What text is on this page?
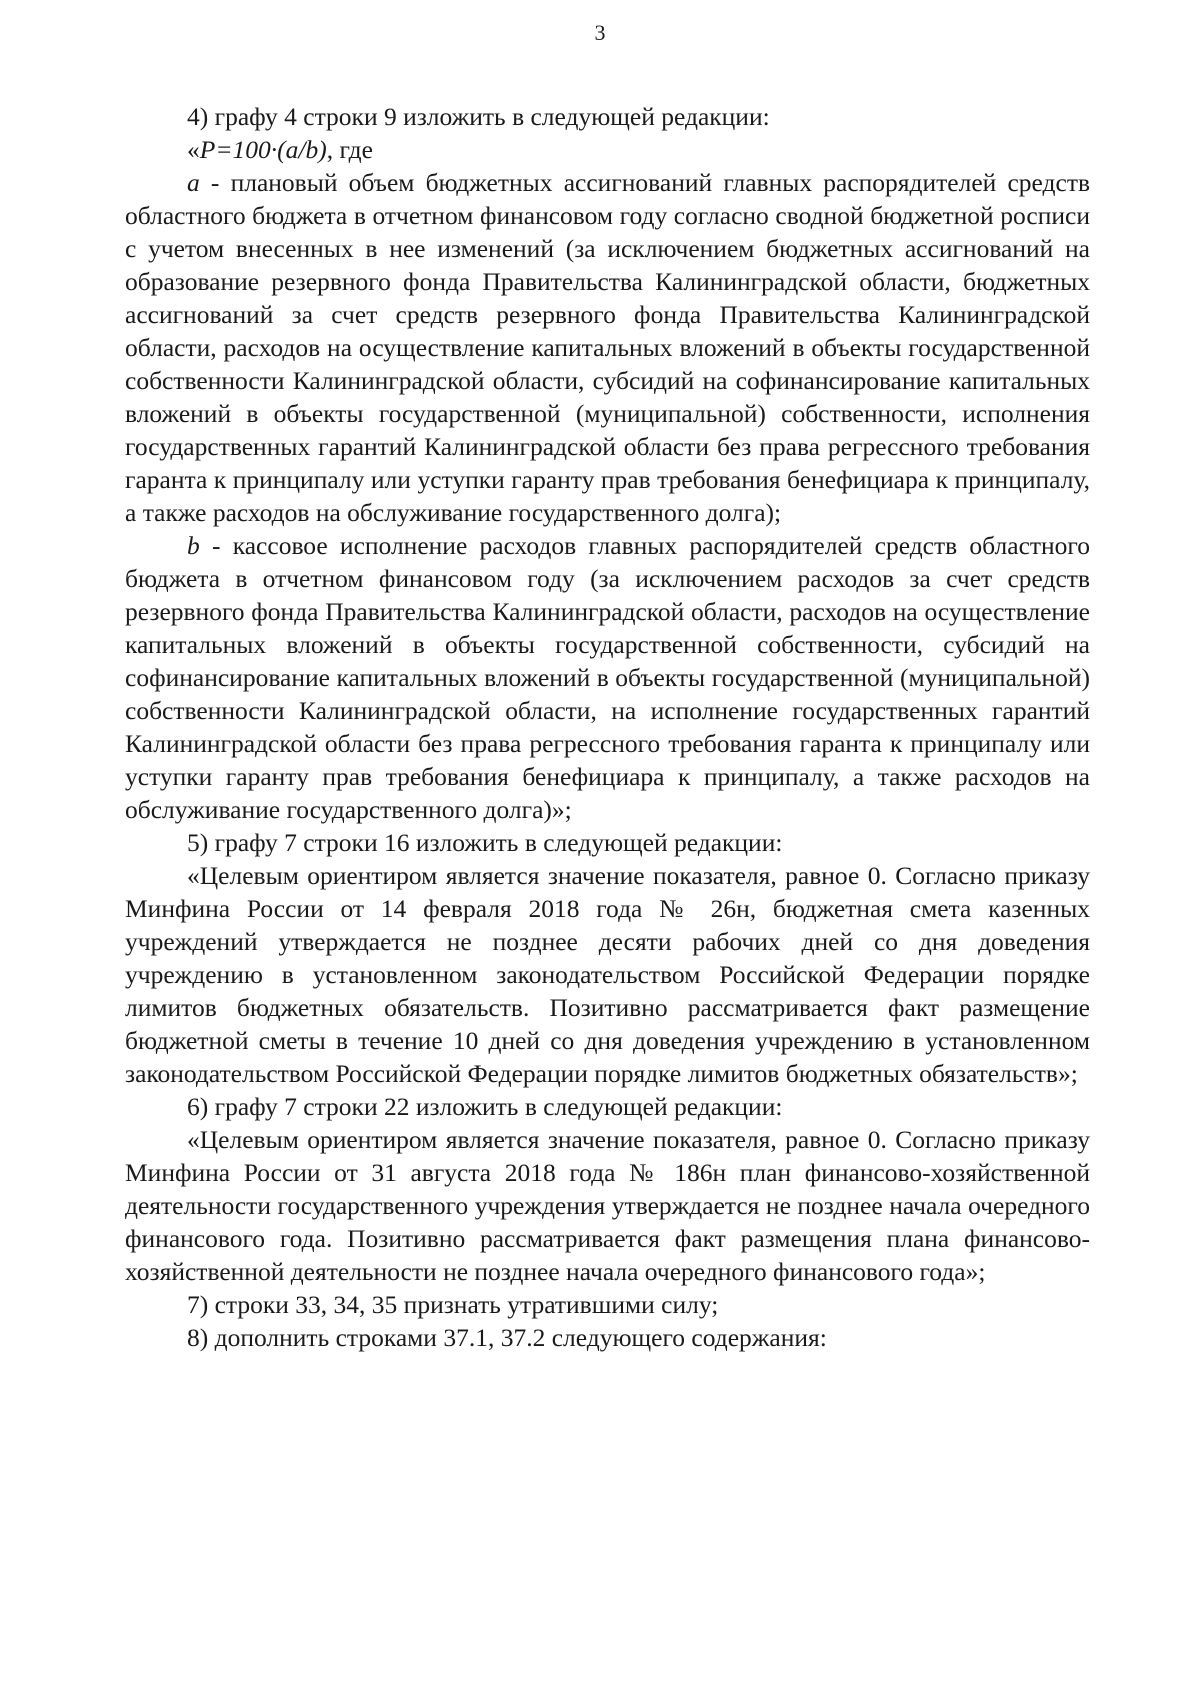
3

4) графу 4 строки 9 изложить в следующей редакции:

«P=100·(a/b), где

a - плановый объем бюджетных ассигнований главных распорядителей средств областного бюджета в отчетном финансовом году согласно сводной бюджетной росписи с учетом внесенных в нее изменений (за исключением бюджетных ассигнований на образование резервного фонда Правительства Калининградской области, бюджетных ассигнований за счет средств резервного фонда Правительства Калининградской области, расходов на осуществление капитальных вложений в объекты государственной собственности Калининградской области, субсидий на софинансирование капитальных вложений в объекты государственной (муниципальной) собственности, исполнения государственных гарантий Калининградской области без права регрессного требования гаранта к принципалу или уступки гаранту прав требования бенефициара к принципалу, а также расходов на обслуживание государственного долга);

b - кассовое исполнение расходов главных распорядителей средств областного бюджета в отчетном финансовом году (за исключением расходов за счет средств резервного фонда Правительства Калининградской области, расходов на осуществление капитальных вложений в объекты государственной собственности, субсидий на софинансирование капитальных вложений в объекты государственной (муниципальной) собственности Калининградской области, на исполнение государственных гарантий Калининградской области без права регрессного требования гаранта к принципалу или уступки гаранту прав требования бенефициара к принципалу, а также расходов на обслуживание государственного долга)»;

5) графу 7 строки 16 изложить в следующей редакции:

«Целевым ориентиром является значение показателя, равное 0. Согласно приказу Минфина России от 14 февраля 2018 года № 26н, бюджетная смета казенных учреждений утверждается не позднее десяти рабочих дней со дня доведения учреждению в установленном законодательством Российской Федерации порядке лимитов бюджетных обязательств. Позитивно рассматривается факт размещение бюджетной сметы в течение 10 дней со дня доведения учреждению в установленном законодательством Российской Федерации порядке лимитов бюджетных обязательств»;

6) графу 7 строки 22 изложить в следующей редакции:

«Целевым ориентиром является значение показателя, равное 0. Согласно приказу Минфина России от 31 августа 2018 года № 186н план финансово-хозяйственной деятельности государственного учреждения утверждается не позднее начала очередного финансового года. Позитивно рассматривается факт размещения плана финансово-хозяйственной деятельности не позднее начала очередного финансового года»;

7) строки 33, 34, 35 признать утратившими силу;

8) дополнить строками 37.1, 37.2 следующего содержания:
